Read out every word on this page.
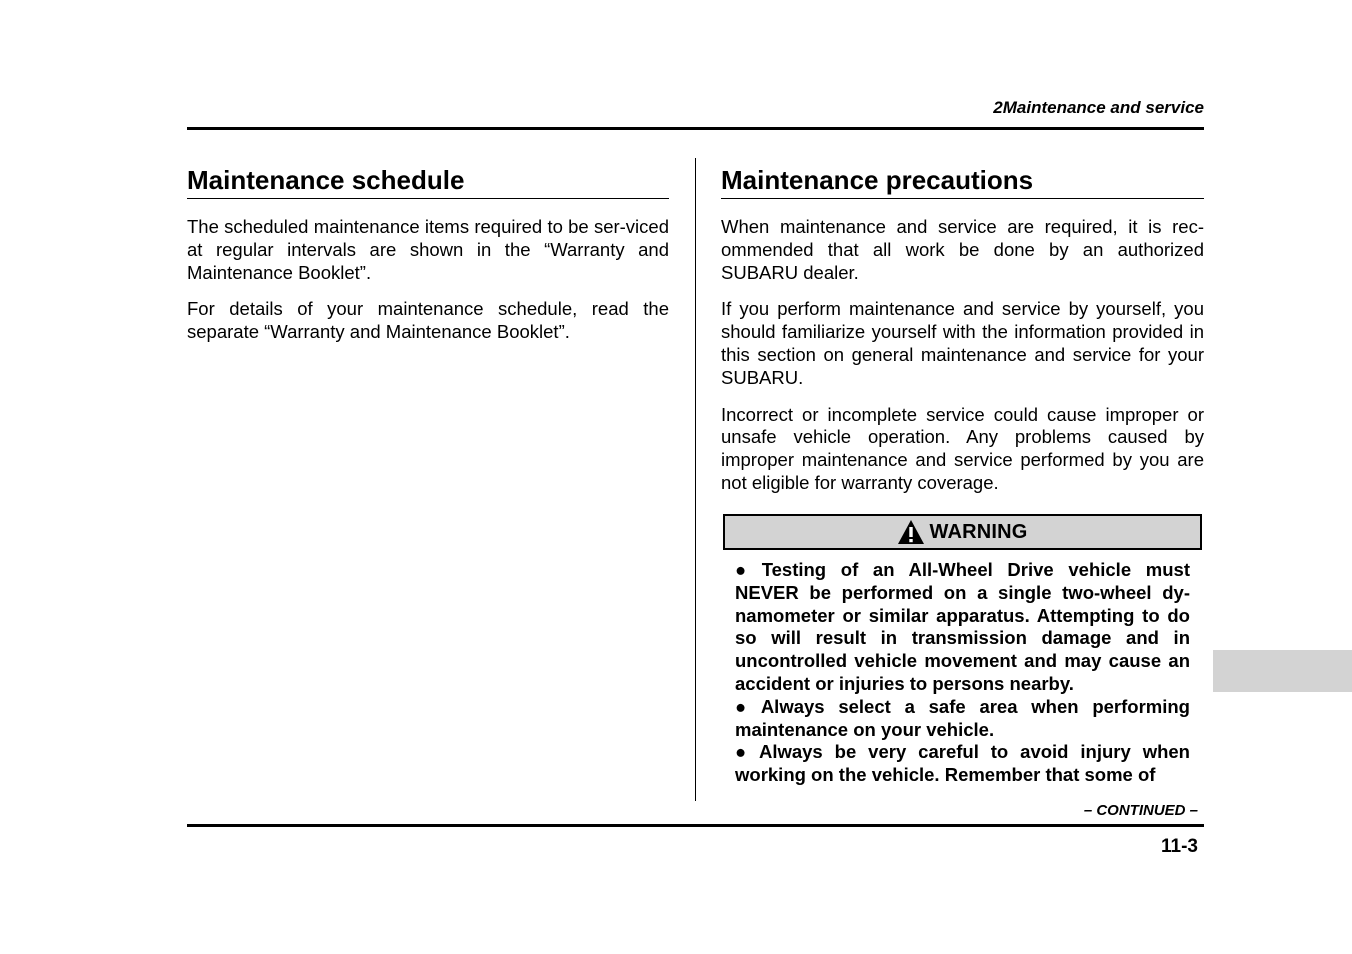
2Maintenance and service
Maintenance schedule

The scheduled maintenance items required to be ser-viced at regular intervals are shown in the “Warranty and Maintenance Booklet”.

For details of your maintenance schedule, read the separate “Warranty and Maintenance Booklet”.

Maintenance precautions

When maintenance and service are required, it is rec-ommended that all work be done by an authorized SUBARU dealer.

If you perform maintenance and service by yourself, you should familiarize yourself with the information provided in this section on general maintenance and service for your SUBARU.

Incorrect or incomplete service could cause improper or unsafe vehicle operation. Any problems caused by improper maintenance and service performed by you are not eligible for warranty coverage.

WARNING

● Testing of an All-Wheel Drive vehicle must NEVER be performed on a single two-wheel dy-namometer or similar apparatus. Attempting to do so will result in transmission damage and in uncontrolled vehicle movement and may cause an accident or injuries to persons nearby.

● Always select a safe area when performing maintenance on your vehicle.

● Always be very careful to avoid injury when working on the vehicle. Remember that some of

– CONTINUED –
11-3
